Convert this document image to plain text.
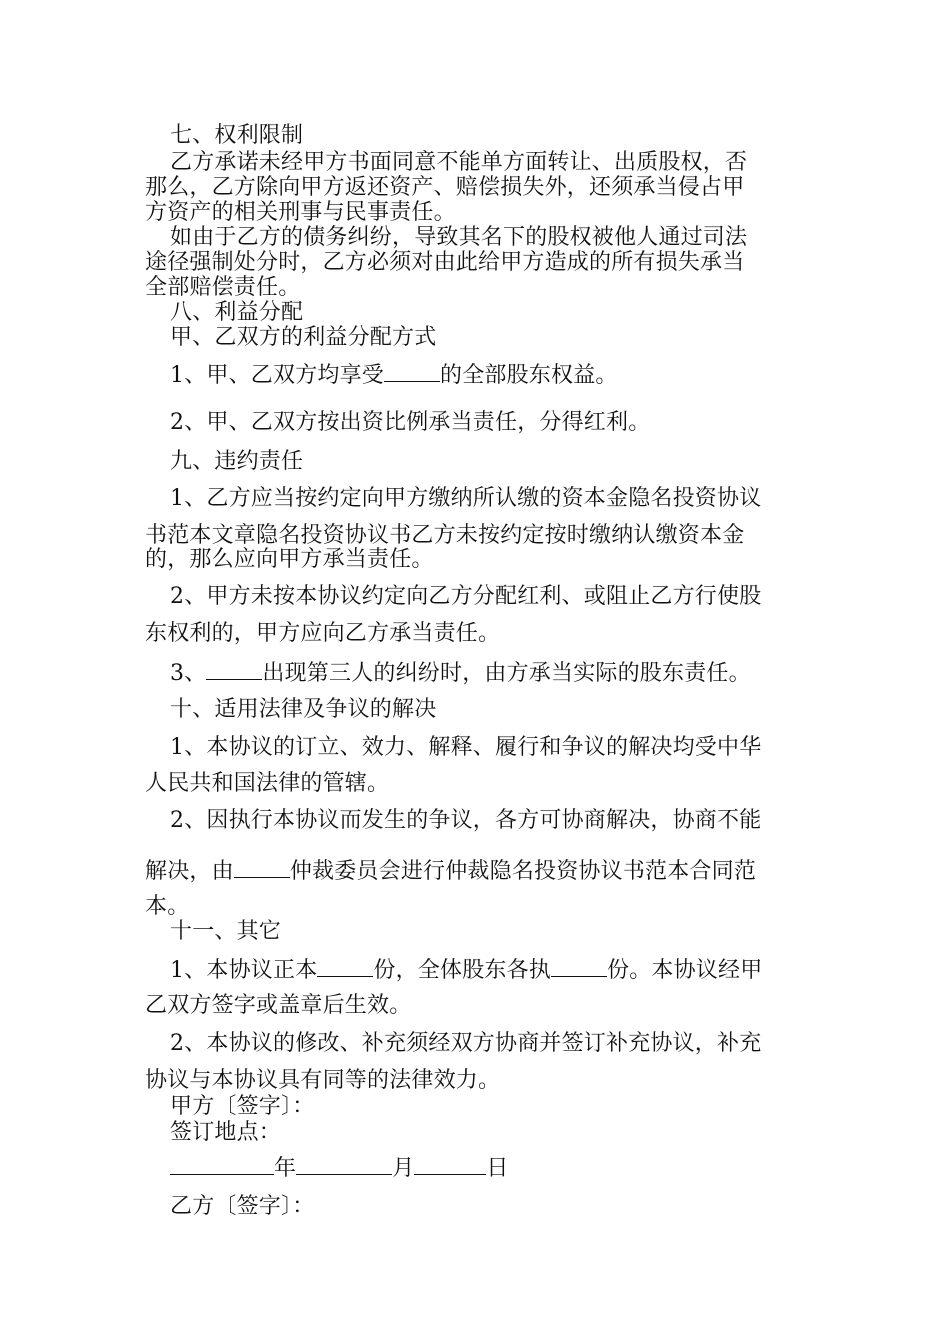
七、权利限制
乙方承诺未经甲方书面同意不能单方面转让、出质股权，否
那么，乙方除向甲方返还资产、赔偿损失外，还须承当侵占甲
方资产的相关刑事与民事责任。
如由于乙方的债务纠纷，导致其名下的股权被他人通过司法
途径强制处分时，乙方必须对由此给甲方造成的所有损失承当
全部赔偿责任。
八、利益分配
甲、乙双方的利益分配方式
1、甲、乙双方均享受	的全部股东权益。
2、甲、乙双方按出资比例承当责任，分得红利。
九、违约责任
1、乙方应当按约定向甲方缴纳所认缴的资本金隐名投资协议
书范本文章隐名投资协议书乙方未按约定按时缴纳认缴资本金
的，那么应向甲方承当责任。
2、甲方未按本协议约定向乙方分配红利、或阻止乙方行使股
东权利的，甲方应向乙方承当责任。
3、	出现第三人的纠纷时，由方承当实际的股东责任。
十、适用法律及争议的解决
1、本协议的订立、效力、解释、履行和争议的解决均受中华
人民共和国法律的管辖。
2、因执行本协议而发生的争议，各方可协商解决，协商不能
解决，由	仲裁委员会进行仲裁隐名投资协议书范本合同范
本。
十一、其它
1、本协议正本	份，全体股东各执	份。本协议经甲
乙双方签字或盖章后生效。
2、本协议的修改、补充须经双方协商并签订补充协议，补充
协议与本协议具有同等的法律效力。
甲方〔签字〕：
签订地点：
年	月	日
乙方〔签字〕：
